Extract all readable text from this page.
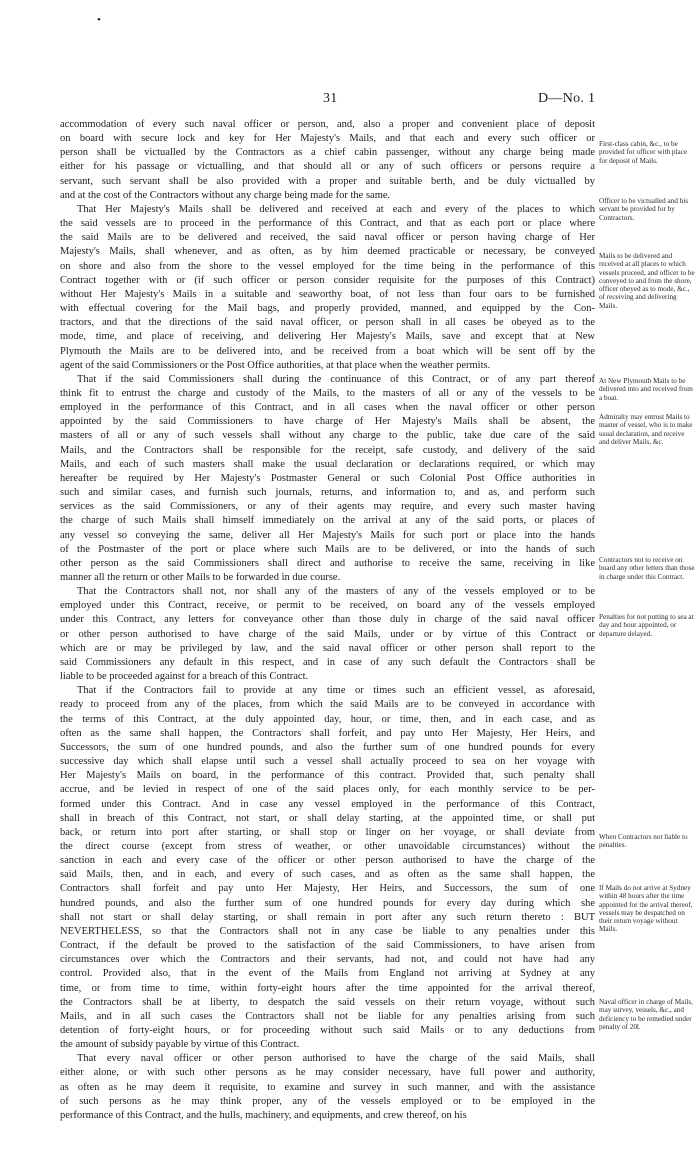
•
31	D—No. 1

accommodation of every such naval officer or person, and, also a proper and convenient place of deposit

on board with secure lock and key for Her Majesty's Mails, and that each and every such officer or

person shall be victualled by the Contractors as a chief cabin passenger, without any charge being made

either for his passage or victualling, and that should all or any of such officers or persons require a

servant, such servant shall be also provided with a proper and suitable berth, and be duly victualled by

and at the cost of the Contractors without any charge being made for the same.

That Her Majesty's Mails shall be delivered and received at each and every of the places to which

the said vessels are to proceed in the performance of this Contract, and that as each port or place where

the said Mails are to be delivered and received, the said naval officer or person having charge of Her

Majesty's Mails, shall whenever, and as often, as by him deemed practicable or necessary, be conveyed

on shore and also from the shore to the vessel employed for the time being in the performance of this

Contract together with or (if such officer or person consider requisite for the purposes of this Contract)

without Her Majesty's Mails in a suitable and seaworthy boat, of not less than four oars to be furnished

with effectual covering for the Mail bags, and properly provided, manned, and equipped by the Con-

tractors, and that the directions of the said naval officer, or person shall in all cases be obeyed as to the

mode, time, and place of receiving, and delivering Her Majesty's Mails, save and except that at New

Plymouth the Mails are to be delivered into, and be received from a boat which will be sent off by the

agent of the said Commissioners or the Post Office authorities, at that place when the weather permits.

That if the said Commissioners shall during the continuance of this Contract, or of any part thereof

think fit to entrust the charge and custody of the Mails, to the masters of all or any of the vessels to be

employed in the performance of this Contract, and in all cases when the naval officer or other person

appointed by the said Commissioners to have charge of Her Majesty's Mails shall be absent, the

masters of all or any of such vessels shall without any charge to the public, take due care of the said

Mails, and the Contractors shall be responsible for the receipt, safe custody, and delivery of the said

Mails, and each of such masters shall make the usual declaration or declarations required, or which may

hereafter be required by Her Majesty's Postmaster General or such Colonial Post Office authorities in

such and similar cases, and furnish such journals, returns, and information to, and as, and perform such

services as the said Commissioners, or any of their agents may require, and every such master having

the charge of such Mails shall himself immediately on the arrival at any of the said ports, or places of

any vessel so conveying the same, deliver all Her Majesty's Mails for such port or place into the hands

of the Postmaster of the port or place where such Mails are to be delivered, or into the hands of such

other person as the said Commissioners shall direct and authorise to receive the same, receiving in like

manner all the return or other Mails to be forwarded in due course.

That the Contractors shall not, nor shall any of the masters of any of the vessels employed or to be

employed under this Contract, receive, or permit to be received, on board any of the vessels employed

under this Contract, any letters for conveyance other than those duly in charge of the said naval officer

or other person authorised to have charge of the said Mails, under or by virtue of this Contract or

which are or may be privileged by law, and the said naval officer or other person shall report to the

said Commissioners any default in this respect, and in case of any such default the Contractors shall be

liable to be proceeded against for a breach of this Contract.

That if the Contractors fail to provide at any time or times such an efficient vessel, as aforesaid,

ready to proceed from any of the places, from which the said Mails are to be conveyed in accordance with

the terms of this Contract, at the duly appointed day, hour, or time, then, and in each case, and as

often as the same shall happen, the Contractors shall forfeit, and pay unto Her Majesty, Her Heirs, and

Successors, the sum of one hundred pounds, and also the further sum of one hundred pounds for every

successive day which shall elapse until such a vessel shall actually proceed to sea on her voyage with

Her Majesty's Mails on board, in the performance of this contract. Provided that, such penalty shall

accrue, and be levied in respect of one of the said places only, for each monthly service to be per-

formed under this Contract. And in case any vessel employed in the performance of this Contract,

shall in breach of this Contract, not start, or shall delay starting, at the appointed time, or shall put

back, or return into port after starting, or shall stop or linger on her voyage, or shall deviate from

the direct course (except from stress of weather, or other unavoidable circumstances) without the

sanction in each and every case of the officer or other person authorised to have the charge of the

said Mails, then, and in each, and every of such cases, and as often as the same shall happen, the

Contractors shall forfeit and pay unto Her Majesty, Her Heirs, and Successors, the sum of one

hundred pounds, and also the further sum of one hundred pounds for every day during which she

shall not start or shall delay starting, or shall remain in port after any such return thereto : BUT

NEVERTHELESS, so that the Contractors shall not in any case be liable to any penalties under this

Contract, if the default be proved to the satisfaction of the said Commissioners, to have arisen from

circumstances over which the Contractors and their servants, had not, and could not have had any

control. Provided also, that in the event of the Mails from England not arriving at Sydney at any

time, or from time to time, within forty-eight hours after the time appointed for the arrival thereof,

the Contractors shall be at liberty, to despatch the said vessels on their return voyage, without such

Mails, and in all such cases the Contractors shall not be liable for any penalties arising from such

detention of forty-eight hours, or for proceeding without such said Mails or to any deductions from

the amount of subsidy payable by virtue of this Contract.

That every naval officer or other person authorised to have the charge of the said Mails, shall

either alone, or with such other persons as he may consider necessary, have full power and authority,

as often as he may deem it requisite, to examine and survey in such manner, and with the assistance

of such persons as he may think proper, any of the vessels employed or to be employed in the

performance of this Contract, and the hulls, machinery, and equipments, and crew thereof, on his

First-class cabin, &c., to be provided for officer with place for deposit of Mails.
Officer to be victualled and his servant be provided for by Contractors.
Mails to be delivered and received at all places to which vessels proceed, and officer to be conveyed to and from the shore, officer obeyed as to mode, &c., of receiving and delivering Mails.
At New Plymouth Mails to be delivered into and received from a boat.
Admiralty may entrust Mails to master of vessel, who is to make usual declaration, and receive and deliver Mails, &c.
Contractors not to receive on board any other letters than those in charge under this Contract.
Penalties for not putting to sea at day and hour appointed, or departure delayed.
When Contractors not liable to penalties.
If Mails do not arrive at Sydney within 48 hours after the time appointed for the arrival thereof, vessels may be despatched on their return voyage without Mails.
Naval officer in charge of Mails, may survey, vessels, &c., and deficiency to be remedied under penalty of 20l.
